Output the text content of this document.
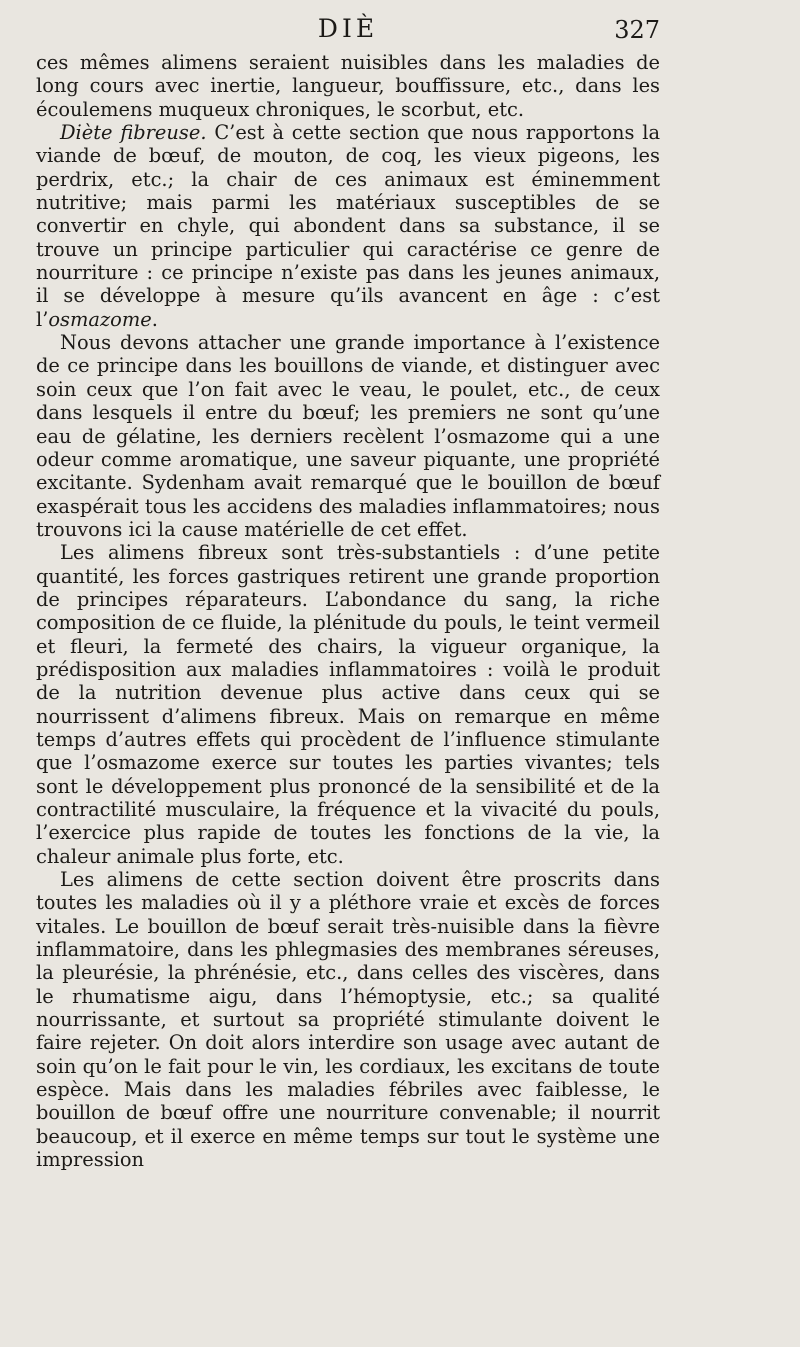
DIÈ	327

ces mêmes alimens seraient nuisibles dans les maladies de long cours avec inertie, langueur, bouffissure, etc., dans les écoulemens muqueux chroniques, le scorbut, etc.

Diète fibreuse. C’est à cette section que nous rapportons la viande de bœuf, de mouton, de coq, les vieux pigeons, les perdrix, etc.; la chair de ces animaux est éminemment nutritive; mais parmi les matériaux susceptibles de se convertir en chyle, qui abondent dans sa substance, il se trouve un principe particulier qui caractérise ce genre de nourriture : ce principe n’existe pas dans les jeunes animaux, il se développe à mesure qu’ils avancent en âge : c’est l’osmazome.

Nous devons attacher une grande importance à l’existence de ce principe dans les bouillons de viande, et distinguer avec soin ceux que l’on fait avec le veau, le poulet, etc., de ceux dans lesquels il entre du bœuf; les premiers ne sont qu’une eau de gélatine, les derniers recèlent l’osmazome qui a une odeur comme aromatique, une saveur piquante, une propriété excitante. Sydenham avait remarqué que le bouillon de bœuf exaspérait tous les accidens des maladies inflammatoires; nous trouvons ici la cause matérielle de cet effet.

Les alimens fibreux sont très-substantiels : d’une petite quantité, les forces gastriques retirent une grande proportion de principes réparateurs. L’abondance du sang, la riche composition de ce fluide, la plénitude du pouls, le teint vermeil et fleuri, la fermeté des chairs, la vigueur organique, la prédisposition aux maladies inflammatoires : voilà le produit de la nutrition devenue plus active dans ceux qui se nourrissent d’alimens fibreux. Mais on remarque en même temps d’autres effets qui procèdent de l’influence stimulante que l’osmazome exerce sur toutes les parties vivantes; tels sont le développement plus prononcé de la sensibilité et de la contractilité musculaire, la fréquence et la vivacité du pouls, l’exercice plus rapide de toutes les fonctions de la vie, la chaleur animale plus forte, etc.

Les alimens de cette section doivent être proscrits dans toutes les maladies où il y a pléthore vraie et excès de forces vitales. Le bouillon de bœuf serait très-nuisible dans la fièvre inflammatoire, dans les phlegmasies des membranes séreuses, la pleurésie, la phrénésie, etc., dans celles des viscères, dans le rhumatisme aigu, dans l’hémoptysie, etc.; sa qualité nourrissante, et surtout sa propriété stimulante doivent le faire rejeter. On doit alors interdire son usage avec autant de soin qu’on le fait pour le vin, les cordiaux, les excitans de toute espèce. Mais dans les maladies fébriles avec faiblesse, le bouillon de bœuf offre une nourriture convenable; il nourrit beaucoup, et il exerce en même temps sur tout le système une impression
